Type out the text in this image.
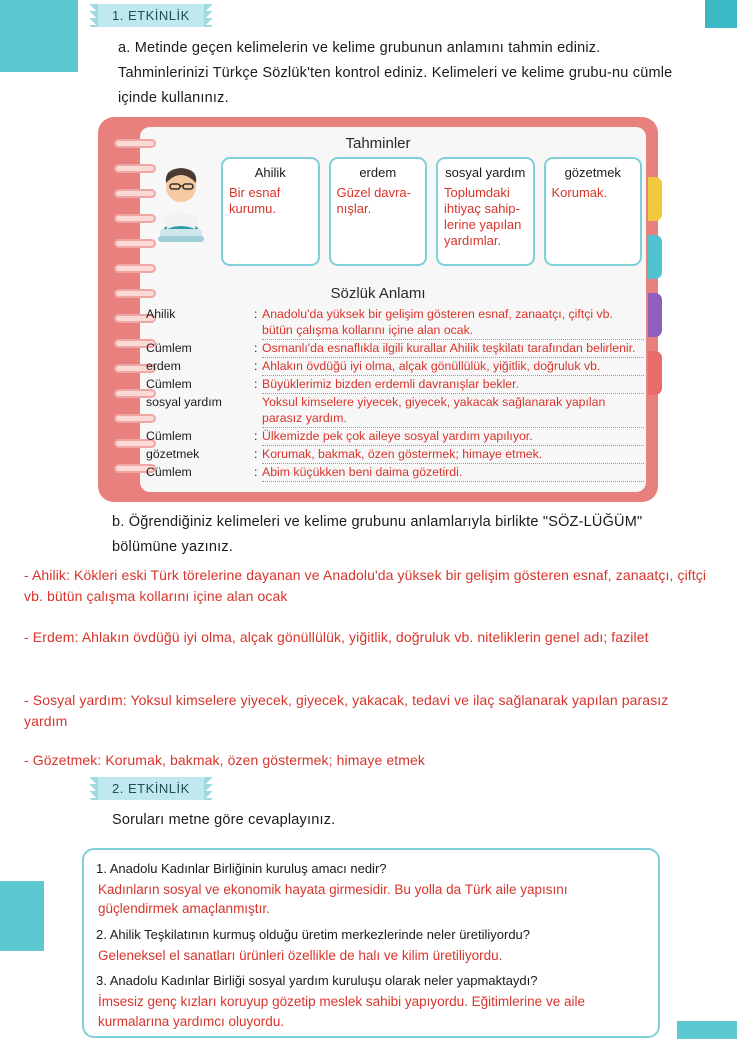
1. ETKİNLİK
a. Metinde geçen kelimelerin ve kelime grubunun anlamını tahmin ediniz. Tahminlerinizi Türkçe Sözlük'ten kontrol ediniz. Kelimeleri ve kelime grubu-nu cümle içinde kullanınız.
Tahminler
Ahilik
Bir esnaf kurumu.
erdem
Güzel davra-nışlar.
sosyal yardım
Toplumdaki ihtiyaç sahip-lerine yapılan yardımlar.
gözetmek
Korumak.
Sözlük Anlamı
Ahilik	: Anadolu'da yüksek bir gelişim gösteren esnaf, zanaatçı, çiftçi vb. bütün çalışma kollarını içine alan ocak.
Cümlem	: Osmanlı'da esnaflıkla ilgili kurallar Ahilik teşkilatı tarafından belirlenir.
erdem	: Ahlakın övdüğü iyi olma, alçak gönüllülük, yiğitlik, doğruluk vb.
Cümlem	: Büyüklerimiz bizden erdemli davranışlar bekler.
sosyal yardım	Yoksul kimselere yiyecek, giyecek, yakacak sağlanarak yapılan parasız yardım.
Cümlem	: Ülkemizde pek çok aileye sosyal yardım yapılıyor.
gözetmek	: Korumak, bakmak, özen göstermek; himaye etmek.
Cümlem	: Abim küçükken beni daima gözetirdi.
b. Öğrendiğiniz kelimeleri ve kelime grubunu anlamlarıyla birlikte "SÖZ-LÜĞÜM" bölümüne yazınız.
- Ahilik: Kökleri eski Türk törelerine dayanan ve Anadolu'da yüksek bir gelişim gösteren esnaf, zanaatçı, çiftçi vb. bütün çalışma kollarını içine alan ocak
- Erdem: Ahlakın övdüğü iyi olma, alçak gönüllülük, yiğitlik, doğruluk vb. niteliklerin genel adı; fazilet
- Sosyal yardım: Yoksul kimselere yiyecek, giyecek, yakacak, tedavi ve ilaç sağlanarak yapılan parasız yardım
- Gözetmek: Korumak, bakmak, özen göstermek; himaye etmek
2. ETKİNLİK
Soruları metne göre cevaplayınız.
1. Anadolu Kadınlar Birliğinin kuruluş amacı nedir?
Kadınların sosyal ve ekonomik hayata girmesidir. Bu yolla da Türk aile yapısını güçlendirmek amaçlanmıştır.
2. Ahilik Teşkilatının kurmuş olduğu üretim merkezlerinde neler üretiliyordu?
Geleneksel el sanatları ürünleri özellikle de halı ve kilim üretiliyordu.
3. Anadolu Kadınlar Birliği sosyal yardım kuruluşu olarak neler yapmaktaydı?
İmsesiz genç kızları koruyup gözetip meslek sahibi yapıyordu. Eğitimlerine ve aile kurmalarına yardımcı oluyordu.
